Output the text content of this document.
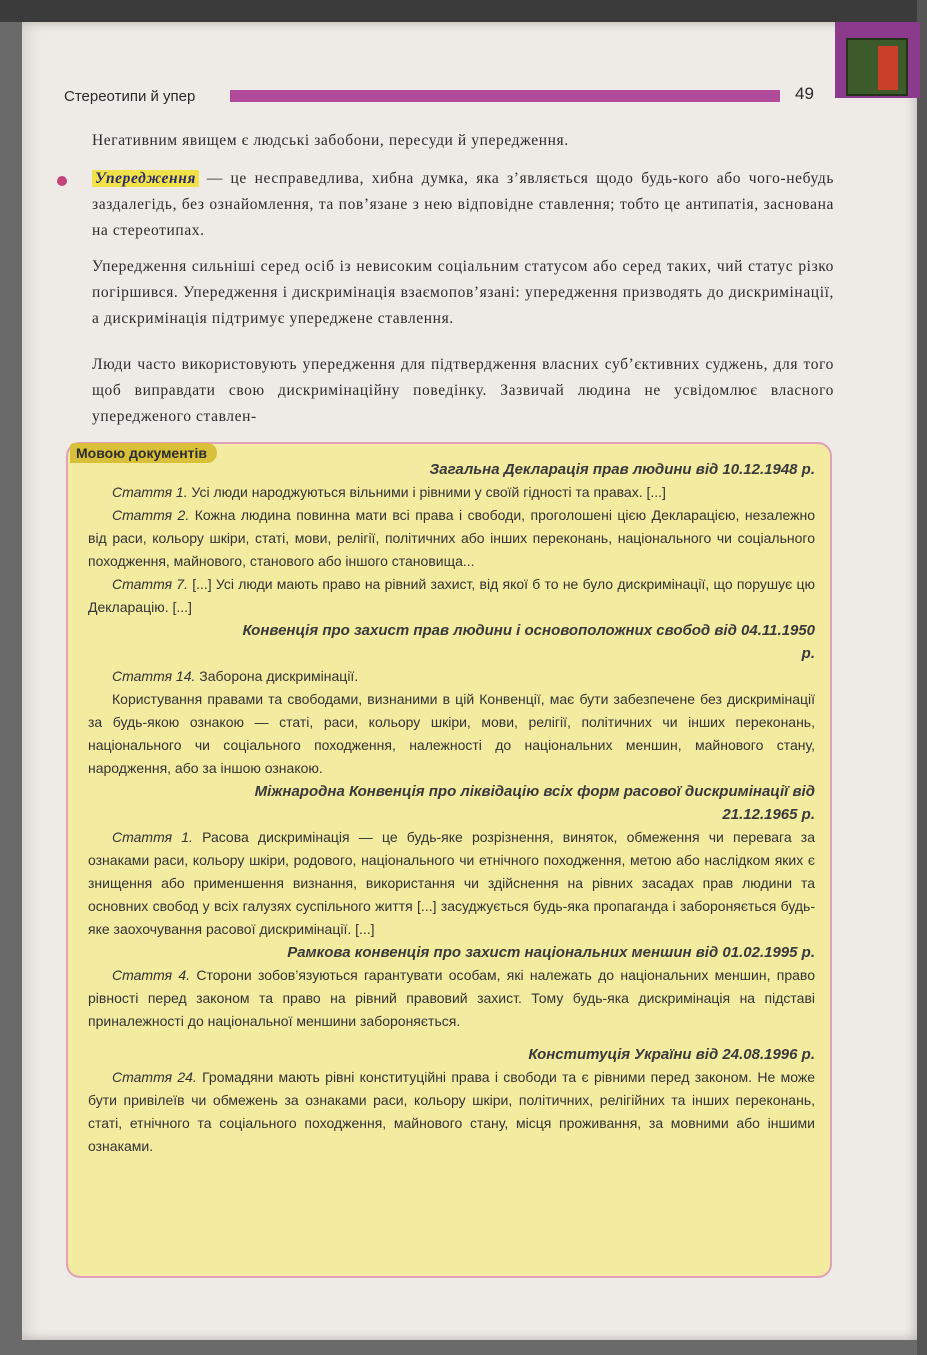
Стереотипи й упер	49
Негативним явищем є людські забобони, пересуди й упередження.
Упередження — це несправедлива, хибна думка, яка з’являється щодо будь-кого або чого-небудь заздалегідь, без ознайомлення, та пов’язане з нею відповідне ставлення; тобто це антипатія, заснована на стереотипах.
Упередження сильніші серед осіб із невисоким соціальним статусом або серед таких, чий статус різко погіршився. Упередження і дискримінація взаємопов’язані: упередження призводять до дискримінації, а дискримінація підтримує упереджене ставлення.
Люди часто використовують упередження для підтвердження власних суб’єктивних суджень, для того щоб виправдати свою дискримінаційну поведінку. Зазвичай людина не усвідомлює власного упередженого ставлен-
Мовою документів
Загальна Декларація прав людини від 10.12.1948 р.

Стаття 1. Усі люди народжуються вільними і рівними у своїй гідності та правах. [...]

Стаття 2. Кожна людина повинна мати всі права і свободи, проголошені цією Декларацією, незалежно від раси, кольору шкіри, статі, мови, релігії, політичних або інших переконань, національного чи соціального походження, майнового, станового або іншого становища...

Стаття 7. [...] Усі люди мають право на рівний захист, від якої б то не було дискримінації, що порушує цю Декларацію. [...]

Конвенція про захист прав людини і основоположних свобод від 04.11.1950 р.

Стаття 14. Заборона дискримінації.

Користування правами та свободами, визнаними в цій Конвенції, має бути забезпечене без дискримінації за будь-якою ознакою — статі, раси, кольору шкіри, мови, релігії, політичних чи інших переконань, національного чи соціального походження, належності до національних меншин, майнового стану, народження, або за іншою ознакою.

Міжнародна Конвенція про ліквідацію всіх форм расової дискримінації від 21.12.1965 р.

Стаття 1. Расова дискримінація — це будь-яке розрізнення, виняток, обмеження чи перевага за ознаками раси, кольору шкіри, родового, національного чи етнічного походження, метою або наслідком яких є знищення або применшення визнання, використання чи здійснення на рівних засадах прав людини та основних свобод у всіх галузях суспільного життя [...] засуджується будь-яка пропаганда і забороняється будь-яке заохочування расової дискримінації. [...]

Рамкова конвенція про захист національних меншин від 01.02.1995 р.

Стаття 4. Сторони зобов’язуються гарантувати особам, які належать до національних меншин, право рівності перед законом та право на рівний правовий захист. Тому будь-яка дискримінація на підставі приналежності до національної меншини забороняється.

Конституція України від 24.08.1996 р.

Стаття 24. Громадяни мають рівні конституційні права і свободи та є рівними перед законом. Не може бути привілеїв чи обмежень за ознаками раси, кольору шкіри, політичних, релігійних та інших переконань, статі, етнічного та соціального походження, майнового стану, місця проживання, за мовними або іншими ознаками.
